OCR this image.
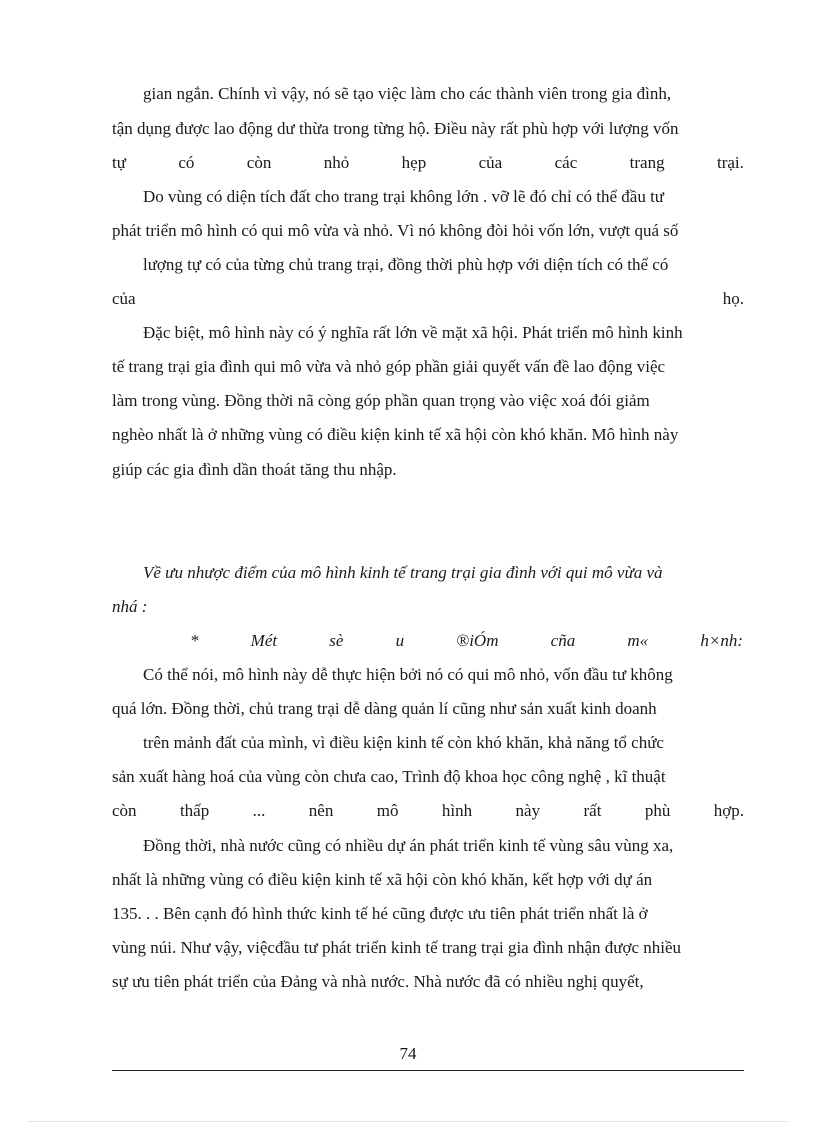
gian ngắn. Chính vì vậy, nó sẽ tạo việc làm cho các thành viên trong gia đình,
tận dụng được lao động dư thừa trong từng hộ. Điều này rất phù hợp với lượng vốn
tự	có	còn	nhỏ	hẹp	của	các	trang	trại.
Do vùng có diện tích đất cho trang trại không lớn . vỡ lẽ đó chỉ có thể đầu tư
phát triển mô hình có qui mô vừa và nhỏ. Vì nó không đòi hỏi vốn lớn, vượt quá số
lượng tự có của từng chủ trang trại, đồng thời phù hợp với diện tích có thể có
của	họ.
Đặc biệt, mô hình này có ý nghĩa rất lớn về mặt xã hội. Phát triển mô hình kinh
tế trang trại gia đình qui mô vừa và nhỏ góp phần giải quyết vấn đề lao động việc
làm trong vùng. Đồng thời nã còng góp phần quan trọng vào việc xoá đói giảm
nghèo nhất là ở những vùng có điều kiện kinh tế xã hội còn khó khăn. Mô hình này
giúp các gia đình dần thoát tăng thu nhập.
Về ưu nhược điểm của mô hình kinh tế trang trại gia đình với qui mô vừa và
nhá :
*	Mét	sè	u	®iÓm	cña	m«	h×nh:
Có thể nói, mô hình này dễ thực hiện bởi nó có qui mô nhỏ, vốn đầu tư không
quá lớn. Đồng thời, chủ trang trại dễ dàng quản lí cũng như sản xuất kinh doanh
trên mảnh đất của mình, vì điều kiện kinh tế còn khó khăn, khả năng tổ chức
sản xuất hàng hoá của vùng còn chưa cao, Trình độ khoa học công nghệ , kĩ thuật
còn	thấp	...	nên	mô	hình	này	rất	phù	hợp.
Đồng thời, nhà nước cũng có nhiều dự án phát triển kinh tế vùng sâu vùng xa,
nhất là những vùng có điều kiện kinh tế xã hội còn khó khăn, kết hợp với dự án
135. . . Bên cạnh đó hình thức kinh tế hé cũng được ưu tiên phát triển nhất là ở
vùng núi. Như vậy, việcđầu tư phát triển kinh tế trang trại gia đình nhận được nhiều
sự ưu tiên phát triển của Đảng và nhà nước. Nhà nước đã có nhiều nghị quyết,
74
